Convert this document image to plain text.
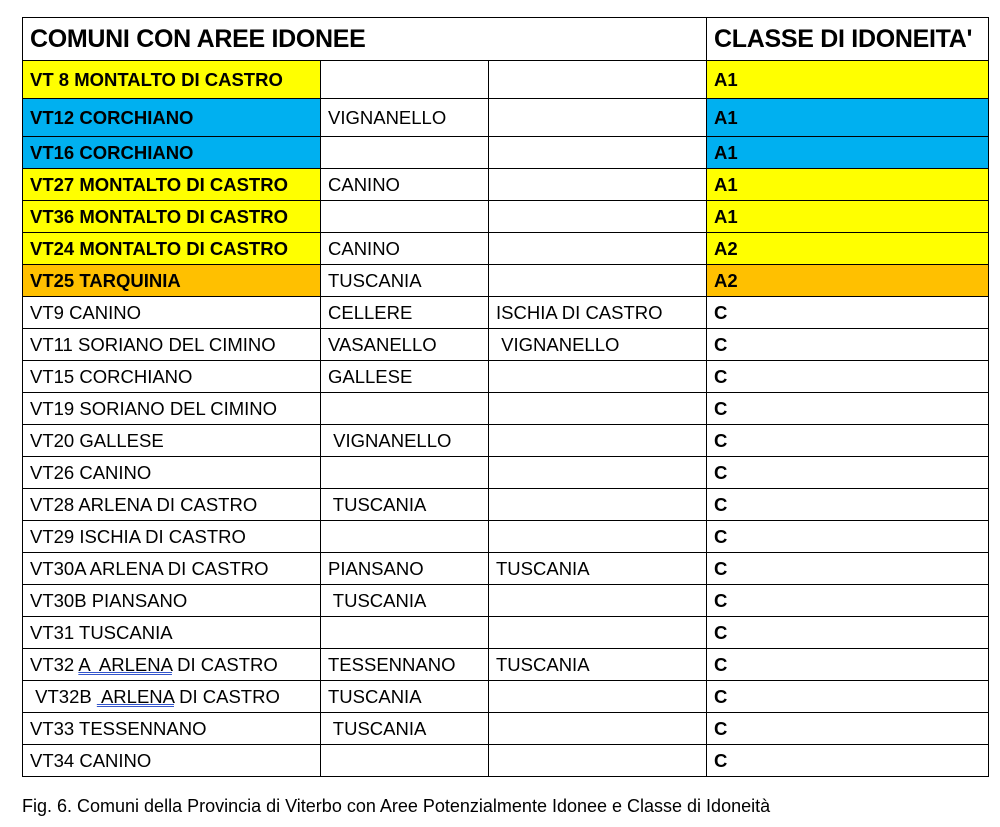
COMUNI CON AREE IDONEE			CLASSE DI IDONEITA'
VT 8 MONTALTO DI CASTRO			A1
VT12 CORCHIANO	VIGNANELLO		A1
VT16 CORCHIANO			A1
VT27 MONTALTO DI CASTRO	CANINO		A1
VT36 MONTALTO DI CASTRO			A1
VT24 MONTALTO DI CASTRO	CANINO		A2
VT25 TARQUINIA	TUSCANIA		A2
VT9 CANINO	CELLERE	ISCHIA DI CASTRO	C
VT11 SORIANO DEL CIMINO	VASANELLO	VIGNANELLO	C
VT15 CORCHIANO	GALLESE		C
VT19 SORIANO DEL CIMINO			C
VT20 GALLESE	VIGNANELLO		C
VT26 CANINO			C
VT28 ARLENA DI CASTRO	TUSCANIA		C
VT29 ISCHIA DI CASTRO			C
VT30A ARLENA DI CASTRO	PIANSANO	TUSCANIA	C
VT30B PIANSANO	TUSCANIA		C
VT31 TUSCANIA			C
VT32 A  ARLENA DI CASTRO	TESSENNANO	TUSCANIA	C
VT32B  ARLENA DI CASTRO	TUSCANIA		C
VT33 TESSENNANO	TUSCANIA		C
VT34 CANINO			C
Fig. 6. Comuni della Provincia di Viterbo con Aree Potenzialmente Idonee e Classe di Idoneità
